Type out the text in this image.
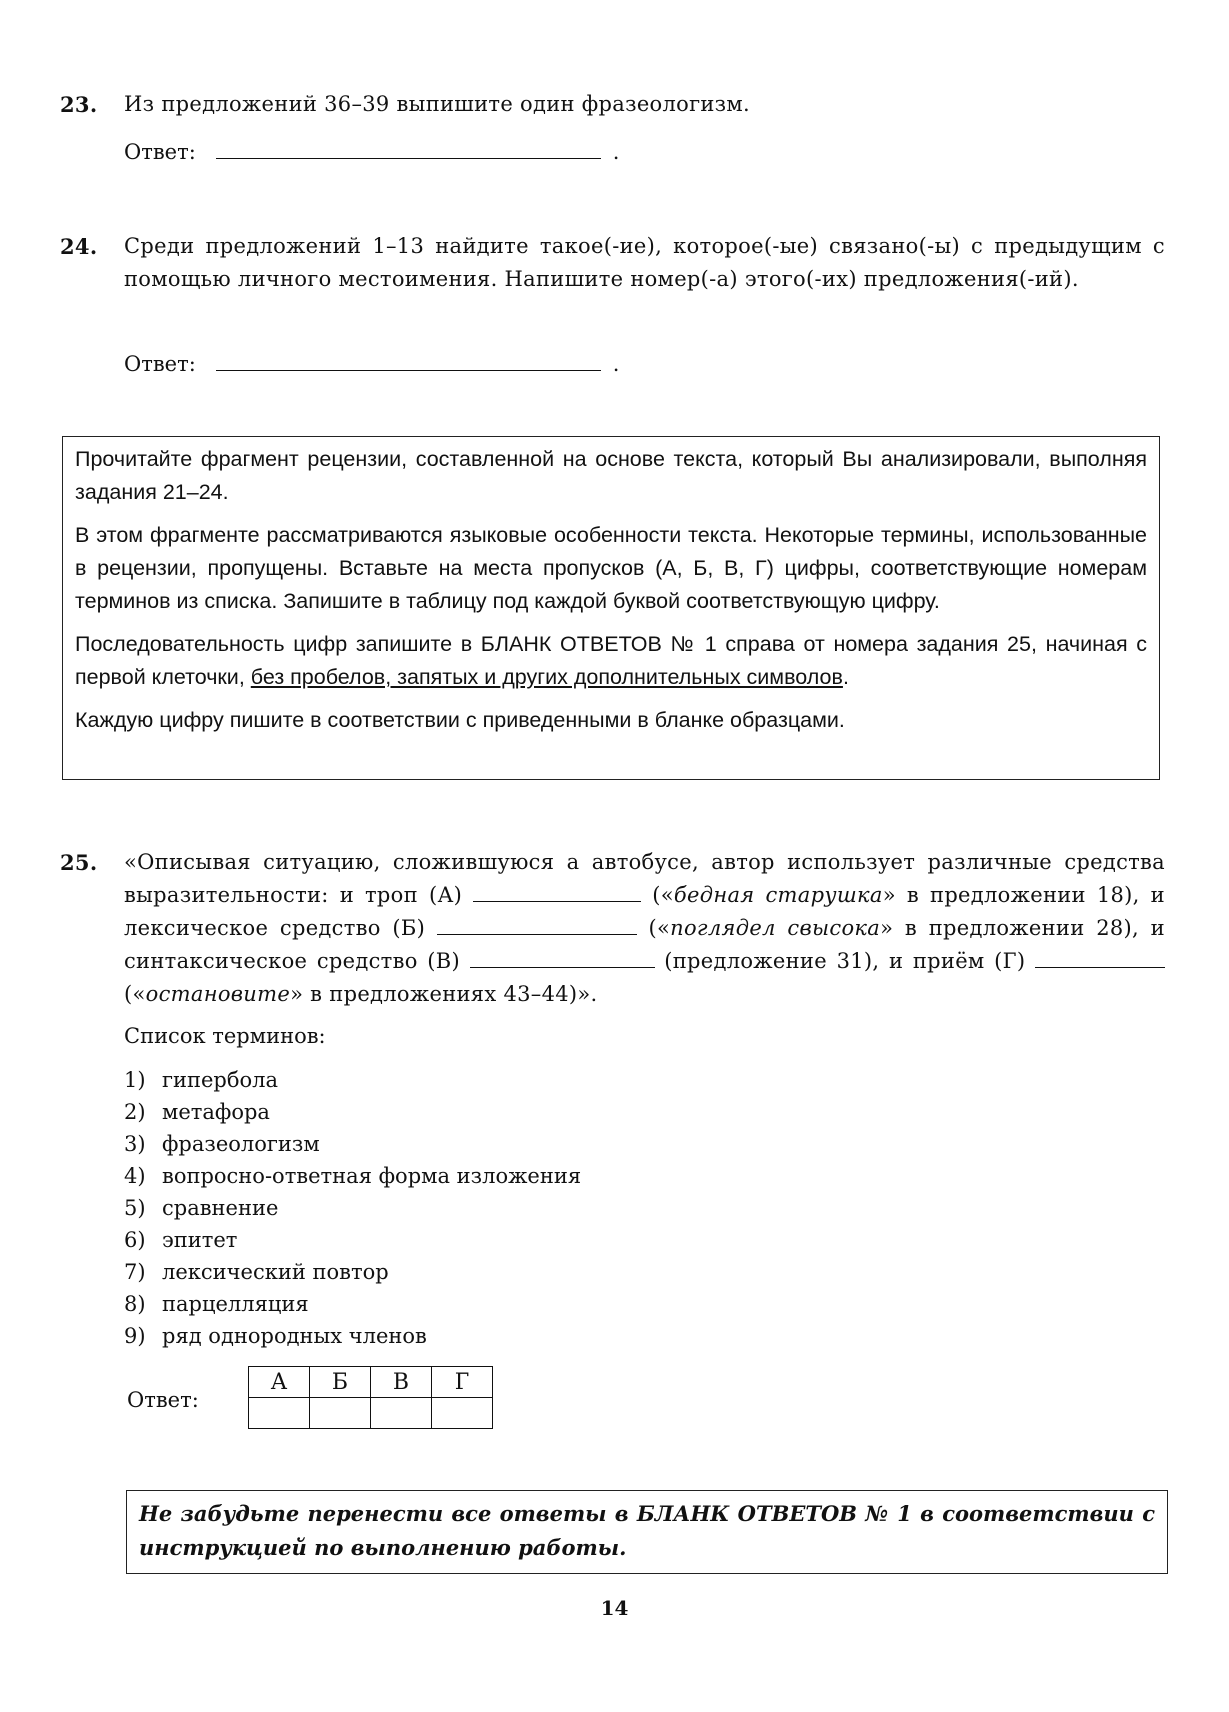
23. Из предложений 36–39 выпишите один фразеологизм.
Ответ:	.
24. Среди предложений 1–13 найдите такое(-ие), которое(-ые) связано(-ы) с предыдущим с помощью личного местоимения. Напишите номер(-а) этого(-их) предложения(-ий).
Ответ:	.

Прочитайте фрагмент рецензии, составленной на основе текста, который Вы анализировали, выполняя задания 21–24.

В этом фрагменте рассматриваются языковые особенности текста. Некоторые термины, использованные в рецензии, пропущены. Вставьте на места пропусков (А, Б, В, Г) цифры, соответствующие номерам терминов из списка. Запишите в таблицу под каждой буквой соответствующую цифру.

Последовательность цифр запишите в БЛАНК ОТВЕТОВ № 1 справа от номера задания 25, начиная с первой клеточки, без пробелов, запятых и других дополнительных символов.

Каждую цифру пишите в соответствии с приведенными в бланке образцами.

25. «Описывая ситуацию, сложившуюся а автобусе, автор использует различные средства выразительности: и троп (А)	(«бедная старушка» в предложении 18), и лексическое средство (Б)	(«поглядел свысока» в предложении 28), и синтаксическое средство (В)	(предложение 31), и приём (Г)  («остановите» в предложениях 43–44)».
Список терминов:
1) гипербола
2) метафора
3) фразеологизм
4) вопросно-ответная форма изложения
5) сравнение
6) эпитет
7) лексический повтор
8) парцелляция
9) ряд однородных членов
Ответ:
А	Б	В	Г

Не забудьте перенести все ответы в БЛАНК ОТВЕТОВ № 1 в соответствии с инструкцией по выполнению работы.
14
